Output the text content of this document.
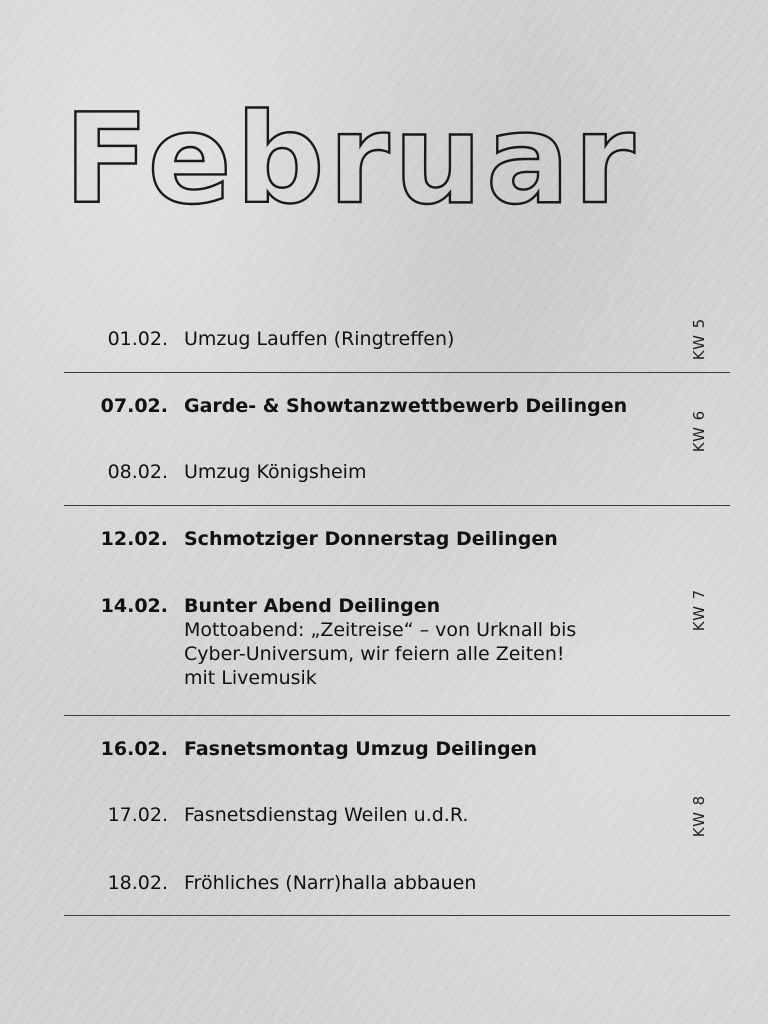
Februar
01.02. Umzug Lauffen (Ringtreffen)	KW 5
07.02. Garde- & Showtanzwettbewerb Deilingen
08.02. Umzug Königsheim
KW 6
12.02. Schmotziger Donnerstag Deilingen
14.02. Bunter Abend Deilingen
Mottoabend: „Zeitreise“ – von Urknall bis
Cyber-Universum, wir feiern alle Zeiten!
mit Livemusik
KW 7
16.02. Fasnetsmontag Umzug Deilingen
17.02. Fasnetsdienstag Weilen u.d.R.
18.02. Fröhliches (Narr)halla abbauen
KW 8
